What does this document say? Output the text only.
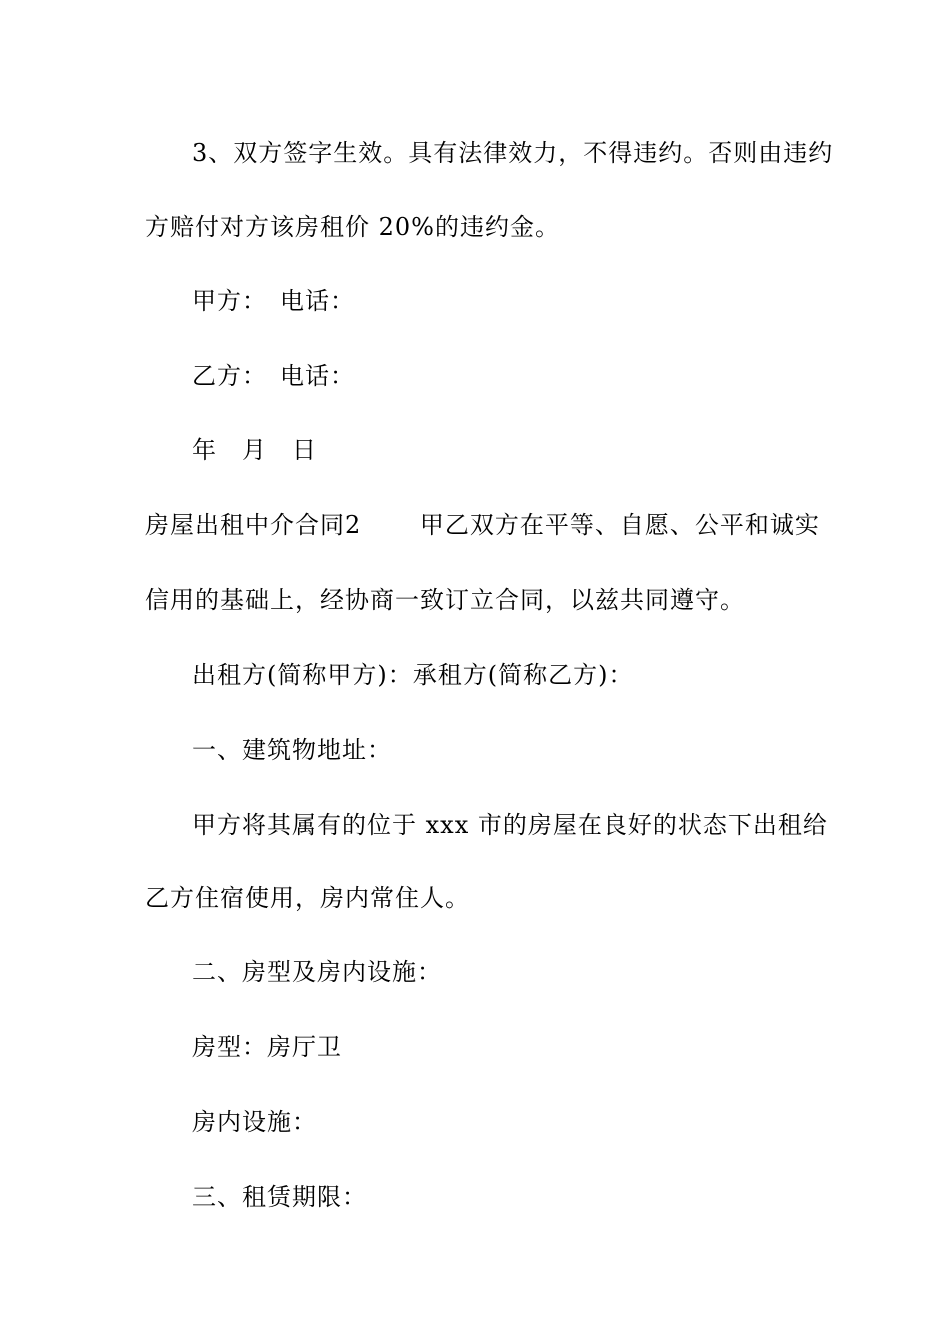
3、双方签字生效。具有法律效力，不得违约。否则由违约
方赔付对方该房租价 20%的违约金。
甲方：　电话：
乙方：　电话：
年　月　日
房屋出租中介合同2　　 甲乙双方在平等、自愿、公平和诚实
信用的基础上，经协商一致订立合同，以兹共同遵守。
出租方(简称甲方)：承租方(简称乙方)：
一、建筑物地址：
甲方将其属有的位于 xxx 市的房屋在良好的状态下出租给
乙方住宿使用，房内常住人。
二、房型及房内设施：
房型：房厅卫
房内设施：
三、租赁期限：
